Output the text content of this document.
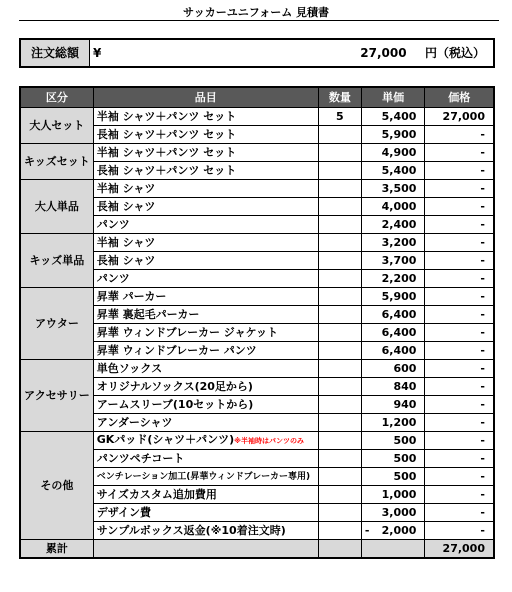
サッカーユニフォーム 見積書
注文総額	¥	27,000 円（税込）
区分	品目	数量	単価	価格
大人セット	半袖 シャツ＋パンツ セット	5	5,400	27,000
	長袖 シャツ＋パンツ セット		5,900	-
キッズセット	半袖 シャツ＋パンツ セット		4,900	-
	長袖 シャツ＋パンツ セット		5,400	-
大人単品	半袖 シャツ		3,500	-
	長袖 シャツ		4,000	-
	パンツ		2,400	-
キッズ単品	半袖 シャツ		3,200	-
	長袖 シャツ		3,700	-
	パンツ		2,200	-
アウター	昇華 パーカー		5,900	-
	昇華 裏起毛パーカー		6,400	-
	昇華 ウィンドブレーカー ジャケット		6,400	-
	昇華 ウィンドブレーカー パンツ		6,400	-
アクセサリー	単色ソックス		600	-
	オリジナルソックス(20足から)		840	-
	アームスリーブ(10セットから)		940	-
	アンダーシャツ		1,200	-
その他	GKパッド(シャツ＋パンツ)※半袖時はパンツのみ		500	-
	パンツペチコート		500	-
	ベンチレーション加工(昇華ウィンドブレーカー専用)		500	-
	サイズカスタム追加費用		1,000	-
	デザイン費		3,000	-
	サンプルボックス返金(※10着注文時)		- 2,000	-
累計				27,000
